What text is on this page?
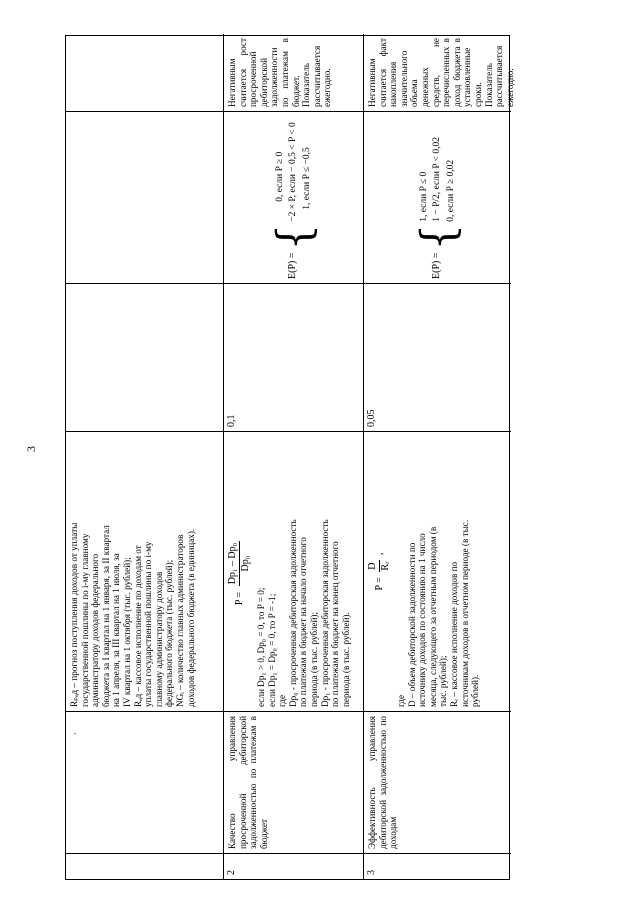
3
·
Rₚₑд – прогноз поступления доходов от уплаты государственной пошлины по i-му главному администратору доходов федерального бюджета за I квартал на 1 января, за II квартал на 1 апреля, за III квартал на 1 июля, за IV квартал на 1 октября (тыс. рублей); Rₑд – кассовое исполнение по доходам от уплаты государственной пошлины по i-му главному администратору доходов федерального бюджета (тыс. рублей); NGᵢ – количество главных администраторов доходов федерального бюджета (в единицах).
2
Качество управления просроченной дебиторской задолженностью по платежам в бюджет
P =
Dp₁ – Dp₀ Dp₀
если Dp₁ > 0, Dp₀ = 0, то P = 0; если Dp₁ = Dp₀ = 0, то P = -1; где Dp₀ - просроченная дебиторская задолженность по платежам в бюджет на начало отчетного периода (в тыс. рублей); Dp₁ - просроченная дебиторская задолженность по платежам в бюджет на конец отчетного периода (в тыс. рублей).
0,1
E(P) =
{
0, если P ≥ 0 −2 × P, если − 0,5 < P < 0 1, если P ≤ −0,5
Негативным считается рост просроченной дебиторской задолженности по платежам в бюджет. Показатель рассчитывается ежегодно.
3
Эффективность управления дебиторской задолженностью по доходам
P =
D Rᵣ
,
где D – объем дебиторской задолженности по источнику доходов по состоянию на 1 число месяца, следующего за отчетным периодом (в тыс. рублей); Rᵣ – кассовое исполнение доходов по источникам доходов в отчетном периоде (в тыс. рублей).
0,05
E(P) =
{
1, если P ≤ 0 1 − P/2, если P < 0,02 0, если P ≥ 0,02
Негативным считается факт накопления значительного объема денежных средств, не перечисленных в доход бюджета в установленные сроки. Показатель рассчитывается ежегодно.
